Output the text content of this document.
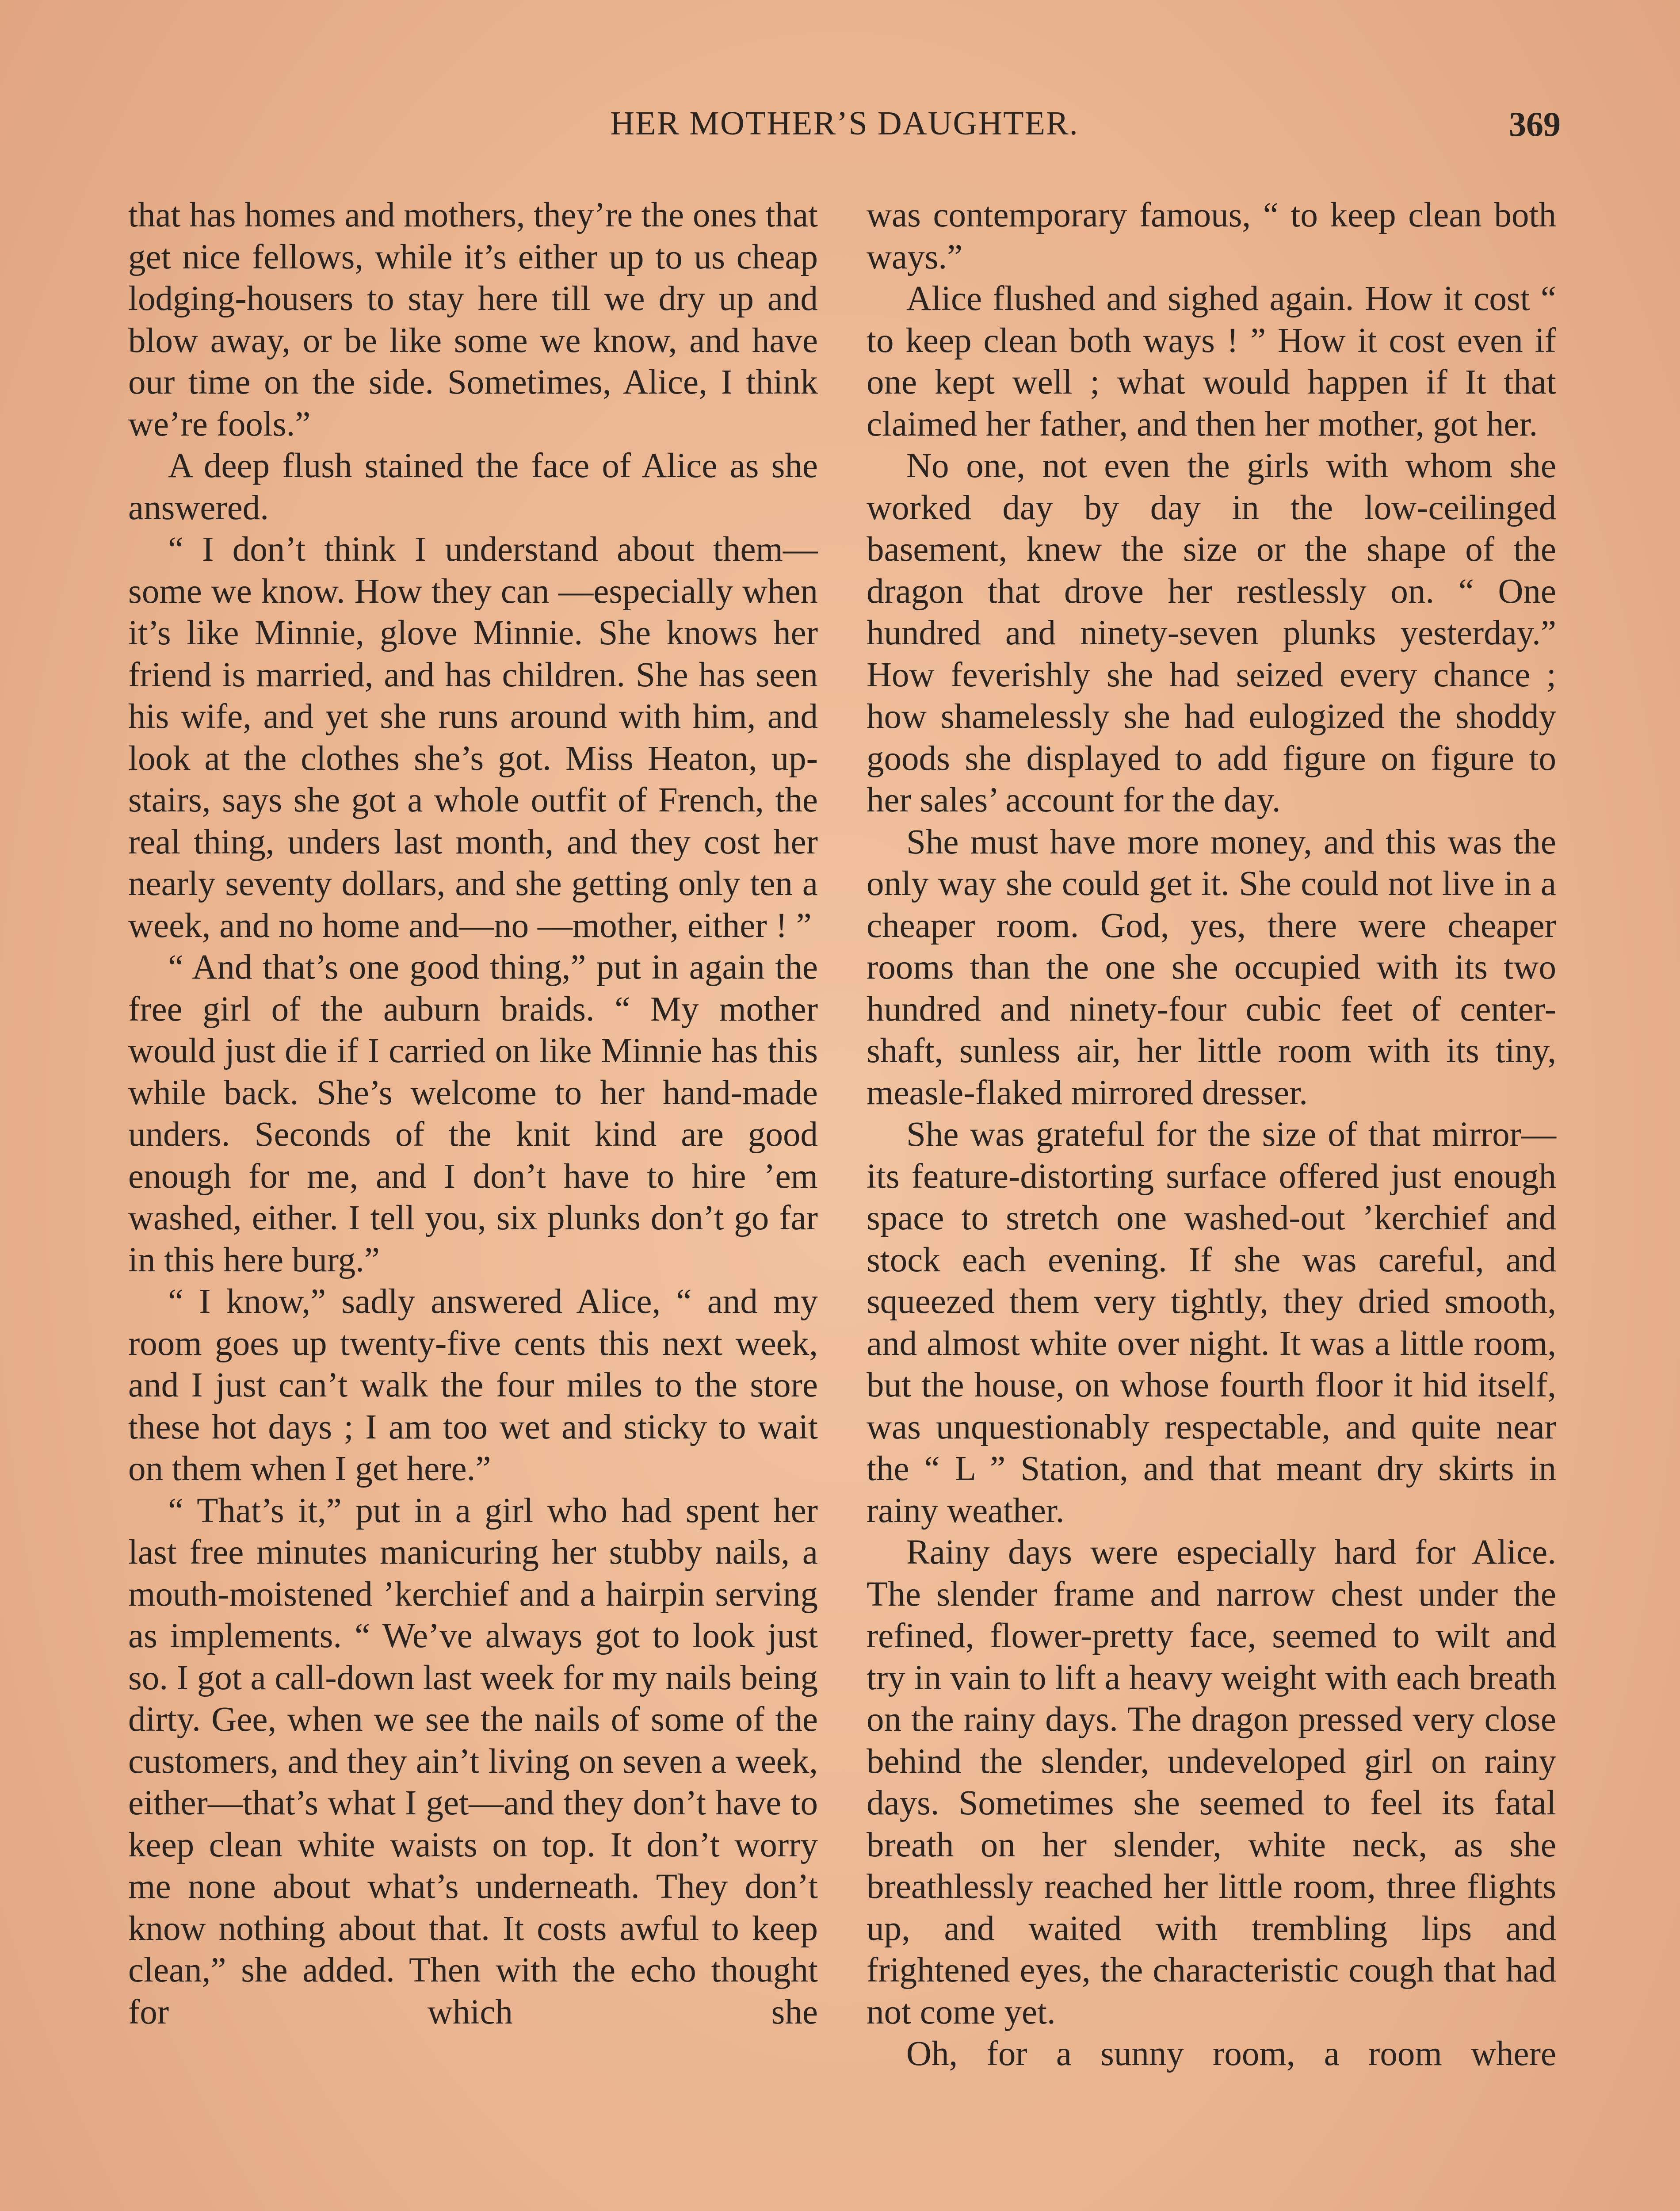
HER MOTHER’S DAUGHTER.	369

that has homes and mothers, they’re the ones that get nice fellows, while it’s either up to us cheap lodging-housers to stay here till we dry up and blow away, or be like some we know, and have our time on the side. Sometimes, Alice, I think we’re fools.”

A deep flush stained the face of Alice as she answered.

“ I don’t think I understand about them—some we know. How they can —especially when it’s like Minnie, glove Minnie. She knows her friend is married, and has children. She has seen his wife, and yet she runs around with him, and look at the clothes she’s got. Miss Heaton, up-stairs, says she got a whole outfit of French, the real thing, unders last month, and they cost her nearly seventy dollars, and she getting only ten a week, and no home and—no —mother, either ! ”

“ And that’s one good thing,” put in again the free girl of the auburn braids. “ My mother would just die if I carried on like Minnie has this while back. She’s welcome to her hand-made unders. Seconds of the knit kind are good enough for me, and I don’t have to hire ’em washed, either. I tell you, six plunks don’t go far in this here burg.”

“ I know,” sadly answered Alice, “ and my room goes up twenty-five cents this next week, and I just can’t walk the four miles to the store these hot days ; I am too wet and sticky to wait on them when I get here.”

“ That’s it,” put in a girl who had spent her last free minutes manicuring her stubby nails, a mouth-moistened ’kerchief and a hairpin serving as implements. “ We’ve always got to look just so. I got a call-down last week for my nails being dirty. Gee, when we see the nails of some of the customers, and they ain’t living on seven a week, either—that’s what I get—and they don’t have to keep clean white waists on top. It don’t worry me none about what’s underneath. They don’t know nothing about that. It costs awful to keep clean,” she added. Then with the echo thought for which she

was contemporary famous, “ to keep clean both ways.”

Alice flushed and sighed again. How it cost “ to keep clean both ways ! ” How it cost even if one kept well ; what would happen if It that claimed her father, and then her mother, got her.

No one, not even the girls with whom she worked day by day in the low-ceilinged basement, knew the size or the shape of the dragon that drove her restlessly on. “ One hundred and ninety-seven plunks yesterday.” How feverishly she had seized every chance ; how shamelessly she had eulogized the shoddy goods she displayed to add figure on figure to her sales’ account for the day.

She must have more money, and this was the only way she could get it. She could not live in a cheaper room. God, yes, there were cheaper rooms than the one she occupied with its two hundred and ninety-four cubic feet of center-shaft, sunless air, her little room with its tiny, measle-flaked mirrored dresser.

She was grateful for the size of that mirror—its feature-distorting surface offered just enough space to stretch one washed-out ’kerchief and stock each evening. If she was careful, and squeezed them very tightly, they dried smooth, and almost white over night. It was a little room, but the house, on whose fourth floor it hid itself, was unquestionably respectable, and quite near the “ L ” Station, and that meant dry skirts in rainy weather.

Rainy days were especially hard for Alice. The slender frame and narrow chest under the refined, flower-pretty face, seemed to wilt and try in vain to lift a heavy weight with each breath on the rainy days. The dragon pressed very close behind the slender, undeveloped girl on rainy days. Sometimes she seemed to feel its fatal breath on her slender, white neck, as she breathlessly reached her little room, three flights up, and waited with trembling lips and frightened eyes, the characteristic cough that had not come yet.

Oh, for a sunny room, a room where
